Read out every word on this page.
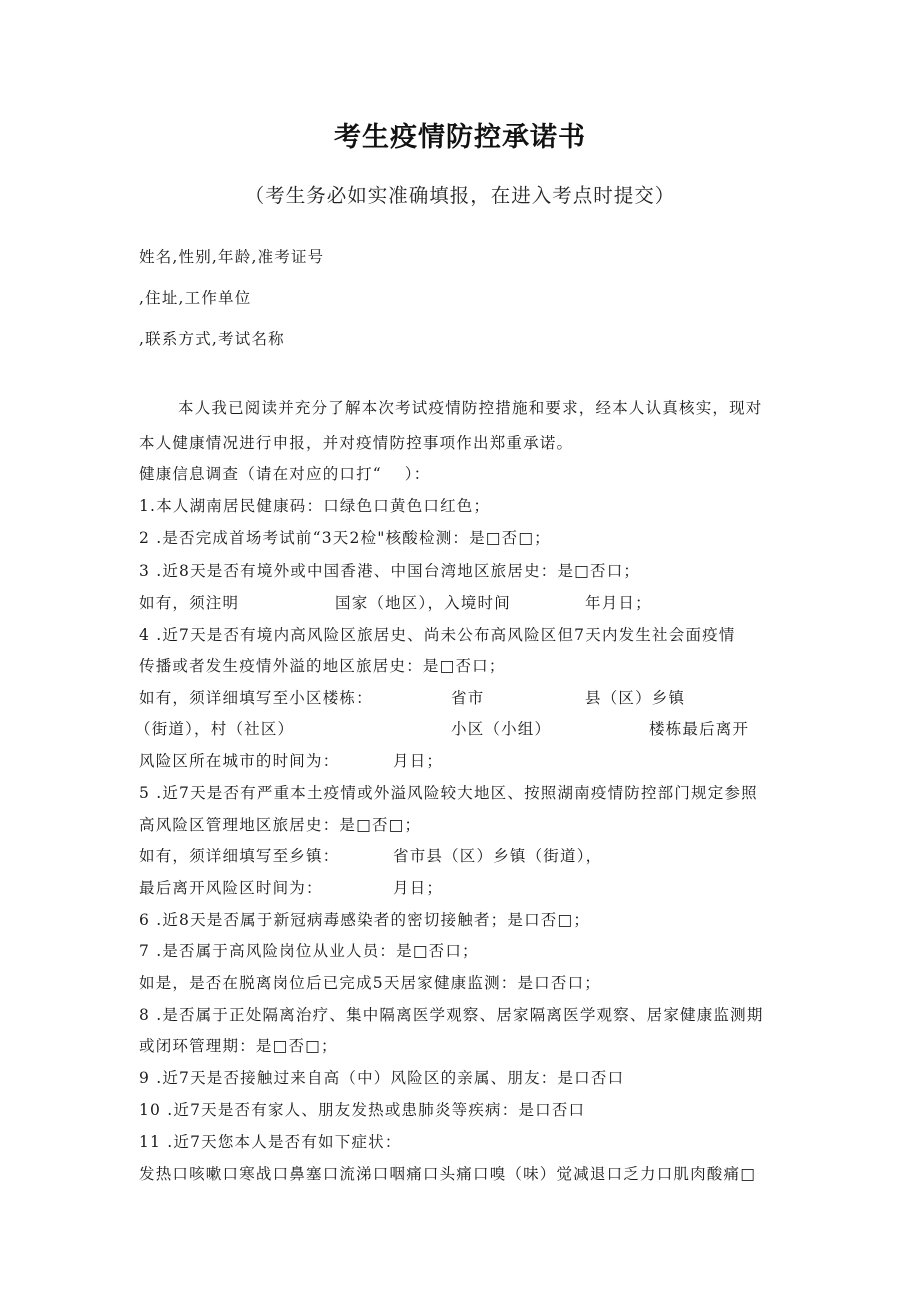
考生疫情防控承诺书
（考生务必如实准确填报，在进入考点时提交）
姓名,性别,年龄,准考证号
,住址,工作单位
,联系方式,考试名称
本人我已阅读并充分了解本次考试疫情防控措施和要求，经本人认真核实，现对
本人健康情况进行申报，并对疫情防控事项作出郑重承诺。
健康信息调查（请在对应的口打“　 ）：
1.本人湖南居民健康码：口绿色口黄色口红色；
2 .是否完成首场考试前“3天2检"核酸检测：是□否□；
3 .近8天是否有境外或中国香港、中国台湾地区旅居史：是□否口；
如有，须注明	国家（地区），入境时间	年月日；
4 .近7天是否有境内高风险区旅居史、尚未公布高风险区但7天内发生社会面疫情
传播或者发生疫情外溢的地区旅居史：是□否口；
如有，须详细填写至小区楼栋：	省市	县（区）乡镇
（街道），村（社区）	小区（小组）	楼栋最后离开
风险区所在城市的时间为：	月日；
5 .近7天是否有严重本土疫情或外溢风险较大地区、按照湖南疫情防控部门规定参照
高风险区管理地区旅居史：是□否□；
如有，须详细填写至乡镇：	省市县（区）乡镇（街道），
最后离开风险区时间为：	月日；
6 .近8天是否属于新冠病毒感染者的密切接触者；是口否□；
7 .是否属于高风险岗位从业人员：是□否口；
如是，是否在脱离岗位后已完成5天居家健康监测：是口否口；
8 .是否属于正处隔离治疗、集中隔离医学观察、居家隔离医学观察、居家健康监测期
或闭环管理期：是□否□；
9 .近7天是否接触过来自高（中）风险区的亲属、朋友：是口否口
10 .近7天是否有家人、朋友发热或患肺炎等疾病：是口否口
11 .近7天您本人是否有如下症状：
发热口咳嗽口寒战口鼻塞口流涕口咽痛口头痛口嗅（味）觉减退口乏力口肌肉酸痛□
